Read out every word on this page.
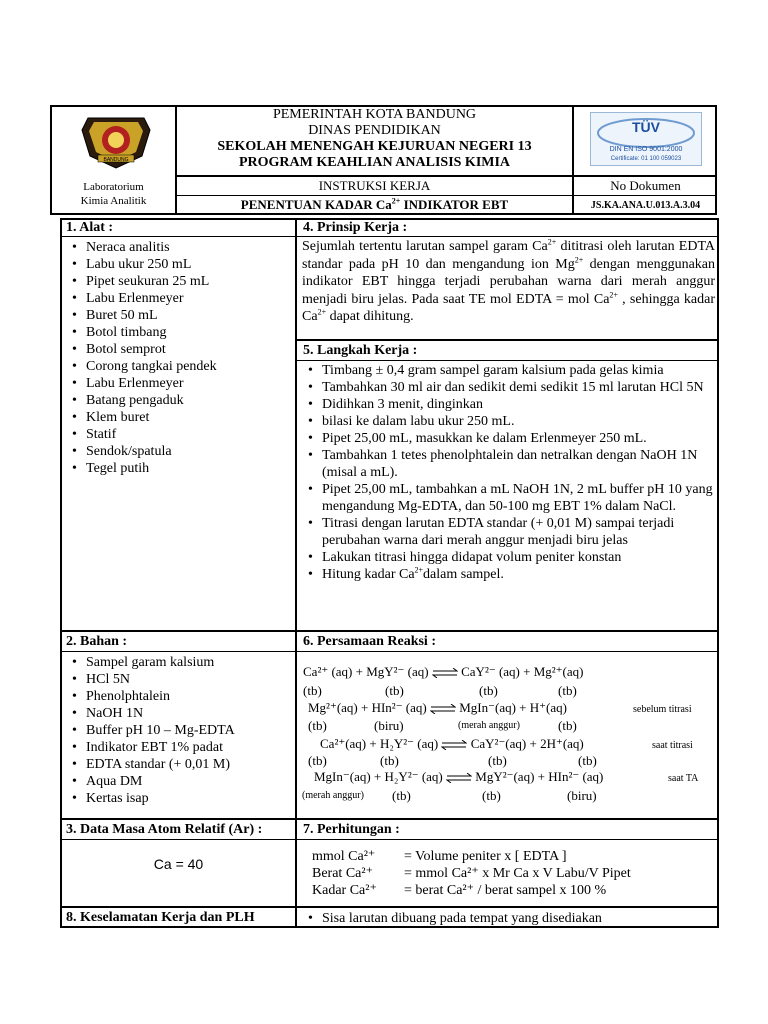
BANDUNG
PEMERINTAH KOTA BANDUNG
DINAS PENDIDIKAN
SEKOLAH MENENGAH KEJURUAN NEGERI 13
PROGRAM KEAHLIAN ANALISIS KIMIA
TÜV
DIN EN ISO 9001:2000
Certificate: 01 100 059023
Laboratorium
Kimia Analitik
INSTRUKSI KERJA
PENENTUAN KADAR $Ca^{2+}$ INDIKATOR EBT
No Dokumen
JS.KA.ANA.U.013.A.3.04
1. Alat :
• Neraca analitis
• Labu ukur 250 mL
• Pipet seukuran 25 mL
• Labu Erlenmeyer
• Buret 50 mL
• Botol timbang
• Botol semprot
• Corong tangkai pendek
• Labu Erlenmeyer
• Batang pengaduk
• Klem buret
• Statif
• Sendok/spatula
• Tegel putih
4. Prinsip Kerja :
Sejumlah tertentu larutan sampel garam $Ca^{2+}$ dititrasi oleh larutan EDTA standar pada pH 10 dan mengandung ion $Mg^{2+}$ dengan menggunakan indikator EBT hingga terjadi perubahan warna dari merah anggur menjadi biru jelas. Pada saat TE mol EDTA = mol $Ca^{2+}$ , sehingga kadar $Ca^{2+}$ dapat dihitung.
5. Langkah Kerja :
• Timbang ± 0,4 gram sampel garam kalsium pada gelas kimia
• Tambahkan 30 ml air dan sedikit demi sedikit 15 ml larutan HCl 5N
• Didihkan 3 menit, dinginkan
• bilasi ke dalam labu ukur 250 mL.
• Pipet 25,00 mL, masukkan ke dalam Erlenmeyer 250 mL.
• Tambahkan 1 tetes phenolphtalein dan netralkan dengan NaOH 1N (misal a mL).
• Pipet 25,00 mL, tambahkan a mL NaOH 1N, 2 mL buffer pH 10 yang mengandung Mg-EDTA, dan 50-100 mg EBT 1% dalam NaCl.
• Titrasi dengan larutan EDTA standar (+ 0,01 M) sampai terjadi perubahan warna dari merah anggur menjadi biru jelas
• Lakukan titrasi hingga didapat volum peniter konstan
• Hitung kadar $Ca^{2+}dalam$ sampel.
2. Bahan :
• Sampel garam kalsium
• HCl 5N
• Phenolphtalein
• NaOH 1N
• Buffer pH 10 – Mg-EDTA
• Indikator EBT 1% padat
• EDTA standar (+ 0,01 M)
• Aqua DM
• Kertas isap
6. Persamaan Reaksi :
Ca²⁺ (aq) + MgY²⁻ (aq) ⇌ CaY²⁻ (aq) + Mg²⁺(aq)
(tb)	(tb)	(tb)	(tb)
Mg²⁺(aq) + HIn²⁻ (aq) ⇌ MgIn⁻(aq) + H⁺(aq)	sebelum titrasi
(tb)	(biru)	(merah anggur)	(tb)
Ca²⁺(aq) + H₂Y²⁻ (aq) ⇌ CaY²⁻(aq) + 2H⁺(aq)	saat titrasi
(tb)	(tb)	(tb)	(tb)
MgIn⁻(aq) + H₂Y²⁻ (aq) ⇌ MgY²⁻(aq) + HIn²⁻ (aq)	saat TA
(merah anggur) (tb)	(tb)	(biru)
3. Data Masa Atom Relatif (Ar) :
Ca = 40
7. Perhitungan :
mmol Ca²⁺ = Volume peniter x [ EDTA ]
Berat Ca²⁺ = mmol Ca²⁺ x Mr Ca x V Labu/V Pipet
Kadar Ca²⁺ = berat Ca²⁺ / berat sampel x 100 %
8. Keselamatan Kerja dan PLH	• Sisa larutan dibuang pada tempat yang disediakan
